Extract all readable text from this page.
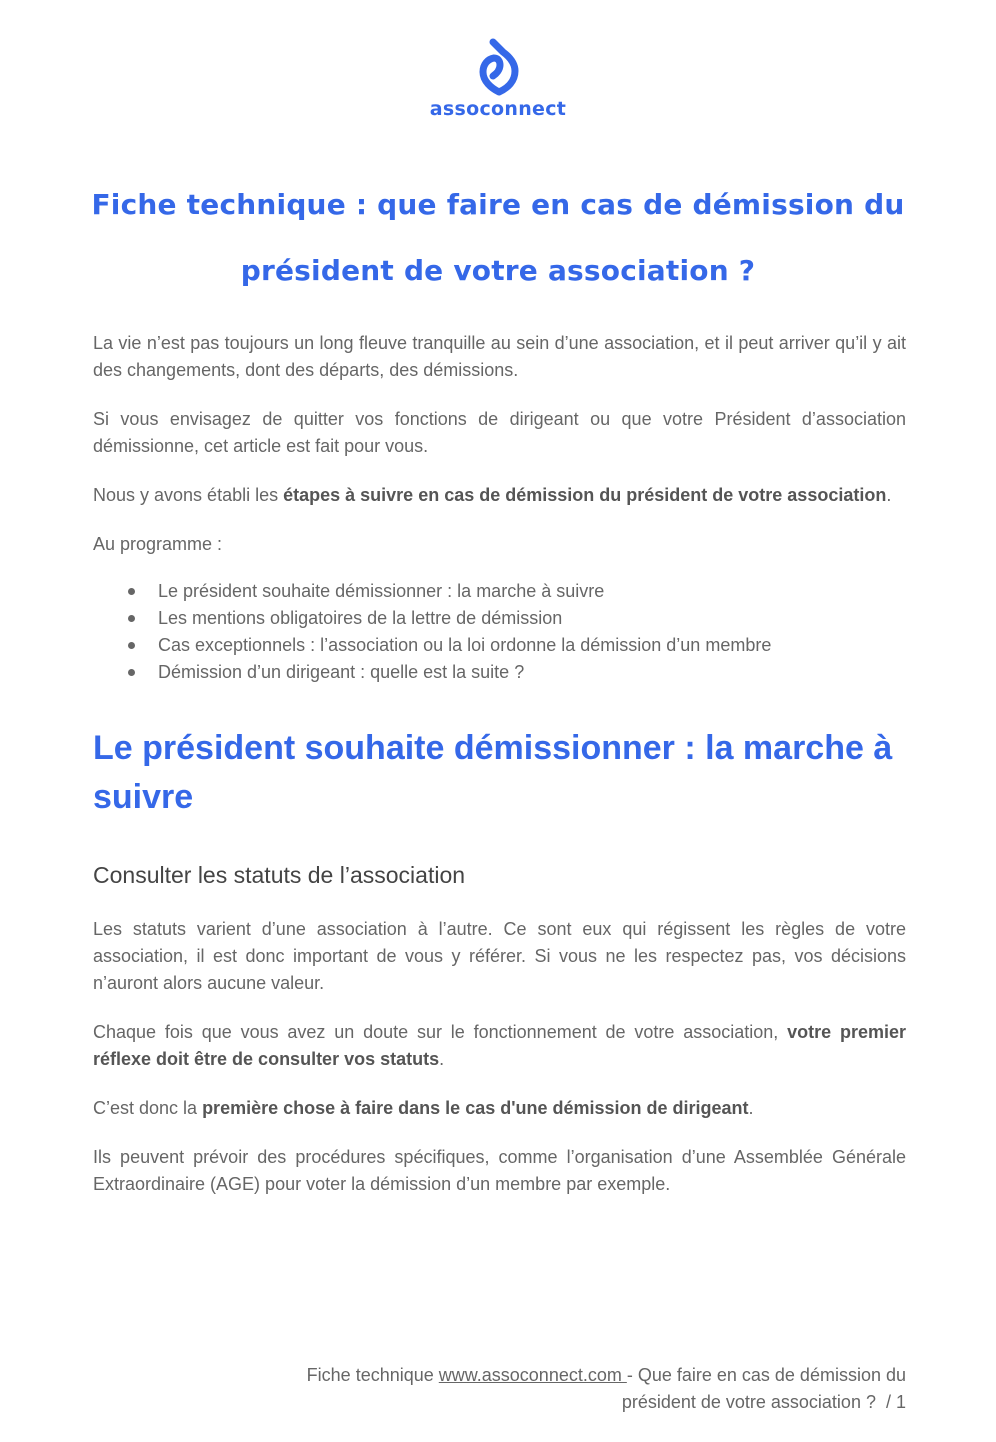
assoconnect
Fiche technique : que faire en cas de démission du
président de votre association ?

La vie n’est pas toujours un long fleuve tranquille au sein d’une association, et il peut arriver qu’il y ait des changements, dont des départs, des démissions.

Si vous envisagez de quitter vos fonctions de dirigeant ou que votre Président d’association démissionne, cet article est fait pour vous.

Nous y avons établi les étapes à suivre en cas de démission du président de votre association.

Au programme :

Le président souhaite démissionner : la marche à suivre
Les mentions obligatoires de la lettre de démission
Cas exceptionnels : l’association ou la loi ordonne la démission d’un membre
Démission d’un dirigeant : quelle est la suite ?
Le président souhaite démissionner : la marche à suivre
Consulter les statuts de l’association

Les statuts varient d’une association à l’autre. Ce sont eux qui régissent les règles de votre association, il est donc important de vous y référer. Si vous ne les respectez pas, vos décisions n’auront alors aucune valeur.

Chaque fois que vous avez un doute sur le fonctionnement de votre association, votre premier réflexe doit être de consulter vos statuts.

C’est donc la première chose à faire dans le cas d'une démission de dirigeant.

Ils peuvent prévoir des procédures spécifiques, comme l’organisation d’une Assemblée Générale Extraordinaire (AGE) pour voter la démission d’un membre par exemple.

Fiche technique www.assoconnect.com - Que faire en cas de démission du
président de votre association ?  / 1
